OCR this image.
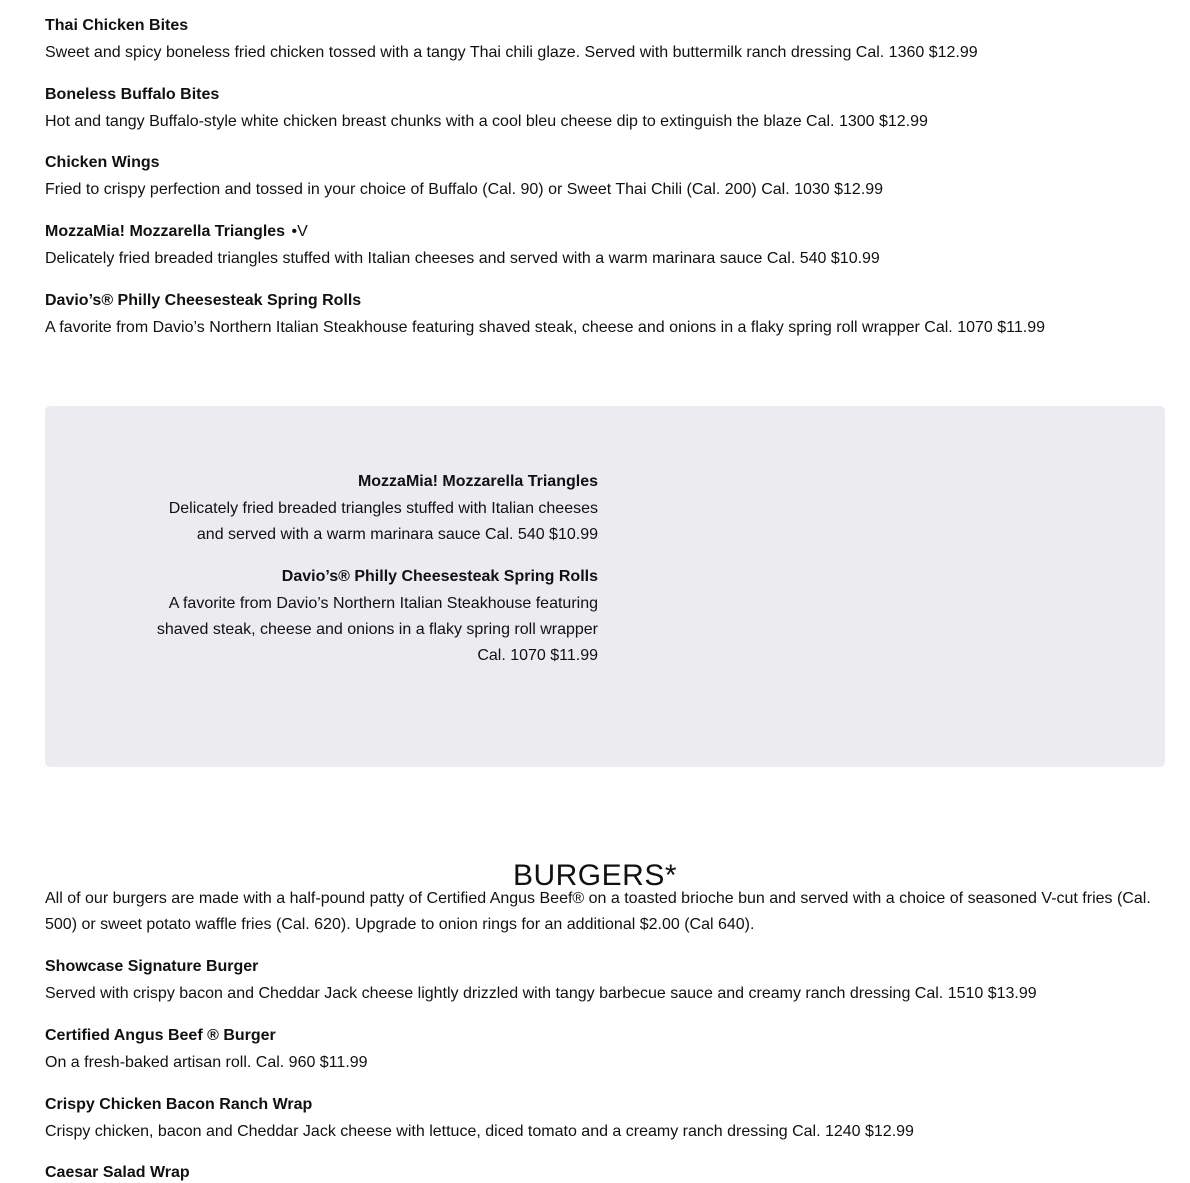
Thai Chicken Bites
Sweet and spicy boneless fried chicken tossed with a tangy Thai chili glaze. Served with buttermilk ranch dressing Cal. 1360 $12.99
Boneless Buffalo Bites
Hot and tangy Buffalo-style white chicken breast chunks with a cool bleu cheese dip to extinguish the blaze Cal. 1300 $12.99
Chicken Wings
Fried to crispy perfection and tossed in your choice of Buffalo (Cal. 90) or Sweet Thai Chili (Cal. 200) Cal. 1030 $12.99
MozzaMia! Mozzarella Triangles •V
Delicately fried breaded triangles stuffed with Italian cheeses and served with a warm marinara sauce Cal. 540 $10.99
Davio’s® Philly Cheesesteak Spring Rolls
A favorite from Davio’s Northern Italian Steakhouse featuring shaved steak, cheese and onions in a flaky spring roll wrapper Cal. 1070 $11.99
MozzaMia! Mozzarella Triangles
Delicately fried breaded triangles stuffed with Italian cheeses and served with a warm marinara sauce Cal. 540 $10.99
Davio’s® Philly Cheesesteak Spring Rolls
A favorite from Davio’s Northern Italian Steakhouse featuring shaved steak, cheese and onions in a flaky spring roll wrapper Cal. 1070 $11.99
BURGERS*
All of our burgers are made with a half-pound patty of Certified Angus Beef® on a toasted brioche bun and served with a choice of seasoned V-cut fries (Cal. 500) or sweet potato waffle fries (Cal. 620). Upgrade to onion rings for an additional $2.00 (Cal 640).
Showcase Signature Burger
Served with crispy bacon and Cheddar Jack cheese lightly drizzled with tangy barbecue sauce and creamy ranch dressing Cal. 1510 $13.99
Certified Angus Beef ® Burger
On a fresh-baked artisan roll. Cal. 960 $11.99
Crispy Chicken Bacon Ranch Wrap
Crispy chicken, bacon and Cheddar Jack cheese with lettuce, diced tomato and a creamy ranch dressing Cal. 1240 $12.99
Caesar Salad Wrap
